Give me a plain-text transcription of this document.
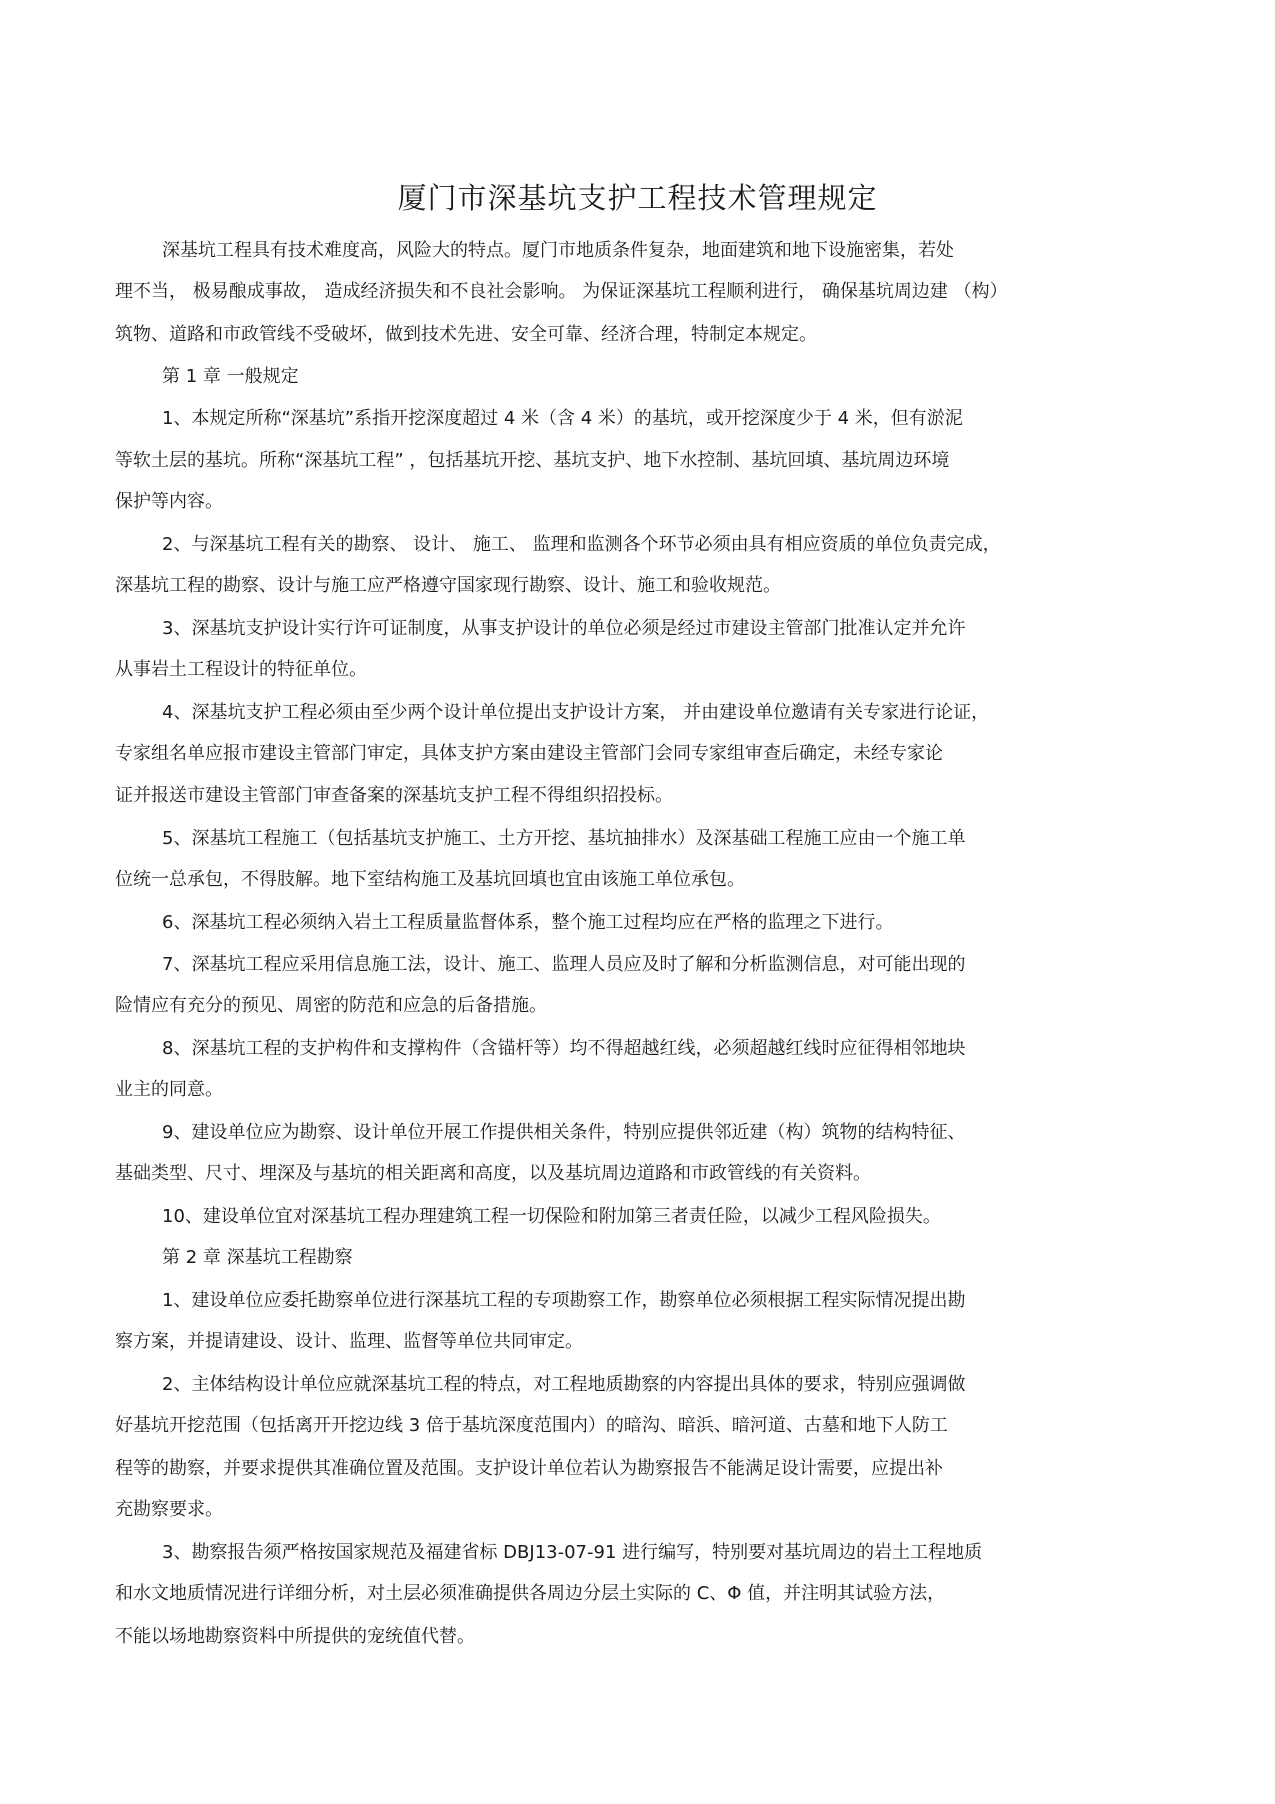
厦门市深基坑支护工程技术管理规定
深基坑工程具有技术难度高，风险大的特点。厦门市地质条件复杂，地面建筑和地下设施密集，若处
理不当， 极易酿成事故， 造成经济损失和不良社会影响。 为保证深基坑工程顺利进行， 确保基坑周边建 （构）
筑物、道路和市政管线不受破坏，做到技术先进、安全可靠、经济合理，特制定本规定。
第 1 章 一般规定
1、本规定所称“深基坑”系指开挖深度超过 4 米（含 4 米）的基坑，或开挖深度少于 4 米，但有淤泥
等软土层的基坑。所称“深基坑工程” ，包括基坑开挖、基坑支护、地下水控制、基坑回填、基坑周边环境
保护等内容。
2、与深基坑工程有关的勘察、 设计、 施工、 监理和监测各个环节必须由具有相应资质的单位负责完成，
深基坑工程的勘察、设计与施工应严格遵守国家现行勘察、设计、施工和验收规范。
3、深基坑支护设计实行许可证制度，从事支护设计的单位必须是经过市建设主管部门批准认定并允许
从事岩土工程设计的特征单位。
4、深基坑支护工程必须由至少两个设计单位提出支护设计方案， 并由建设单位邀请有关专家进行论证，
专家组名单应报市建设主管部门审定，具体支护方案由建设主管部门会同专家组审查后确定，未经专家论
证并报送市建设主管部门审查备案的深基坑支护工程不得组织招投标。
5、深基坑工程施工（包括基坑支护施工、土方开挖、基坑抽排水）及深基础工程施工应由一个施工单
位统一总承包，不得肢解。地下室结构施工及基坑回填也宜由该施工单位承包。
6、深基坑工程必须纳入岩土工程质量监督体系，整个施工过程均应在严格的监理之下进行。
7、深基坑工程应采用信息施工法，设计、施工、监理人员应及时了解和分析监测信息，对可能出现的
险情应有充分的预见、周密的防范和应急的后备措施。
8、深基坑工程的支护构件和支撑构件（含锚杆等）均不得超越红线，必须超越红线时应征得相邻地块
业主的同意。
9、建设单位应为勘察、设计单位开展工作提供相关条件，特别应提供邻近建（构）筑物的结构特征、
基础类型、尺寸、埋深及与基坑的相关距离和高度，以及基坑周边道路和市政管线的有关资料。
10、建设单位宜对深基坑工程办理建筑工程一切保险和附加第三者责任险，以减少工程风险损失。
第 2 章 深基坑工程勘察
1、建设单位应委托勘察单位进行深基坑工程的专项勘察工作，勘察单位必须根据工程实际情况提出勘
察方案，并提请建设、设计、监理、监督等单位共同审定。
2、主体结构设计单位应就深基坑工程的特点，对工程地质勘察的内容提出具体的要求，特别应强调做
好基坑开挖范围（包括离开开挖边线 3 倍于基坑深度范围内）的暗沟、暗浜、暗河道、古墓和地下人防工
程等的勘察，并要求提供其准确位置及范围。支护设计单位若认为勘察报告不能满足设计需要，应提出补
充勘察要求。
3、勘察报告须严格按国家规范及福建省标 DBJ13-07-91 进行编写，特别要对基坑周边的岩土工程地质
和水文地质情况进行详细分析，对土层必须准确提供各周边分层土实际的 C、Φ 值，并注明其试验方法，
不能以场地勘察资料中所提供的宠统值代替。
